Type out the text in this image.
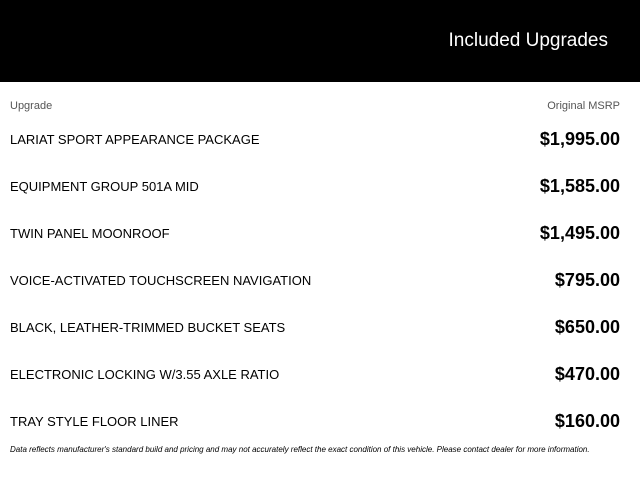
Included Upgrades
Upgrade	Original MSRP
LARIAT SPORT APPEARANCE PACKAGE	$1,995.00
EQUIPMENT GROUP 501A MID	$1,585.00
TWIN PANEL MOONROOF	$1,495.00
VOICE-ACTIVATED TOUCHSCREEN NAVIGATION	$795.00
BLACK, LEATHER-TRIMMED BUCKET SEATS	$650.00
ELECTRONIC LOCKING W/3.55 AXLE RATIO	$470.00
TRAY STYLE FLOOR LINER	$160.00
Data reflects manufacturer's standard build and pricing and may not accurately reflect the exact condition of this vehicle. Please contact dealer for more information.
